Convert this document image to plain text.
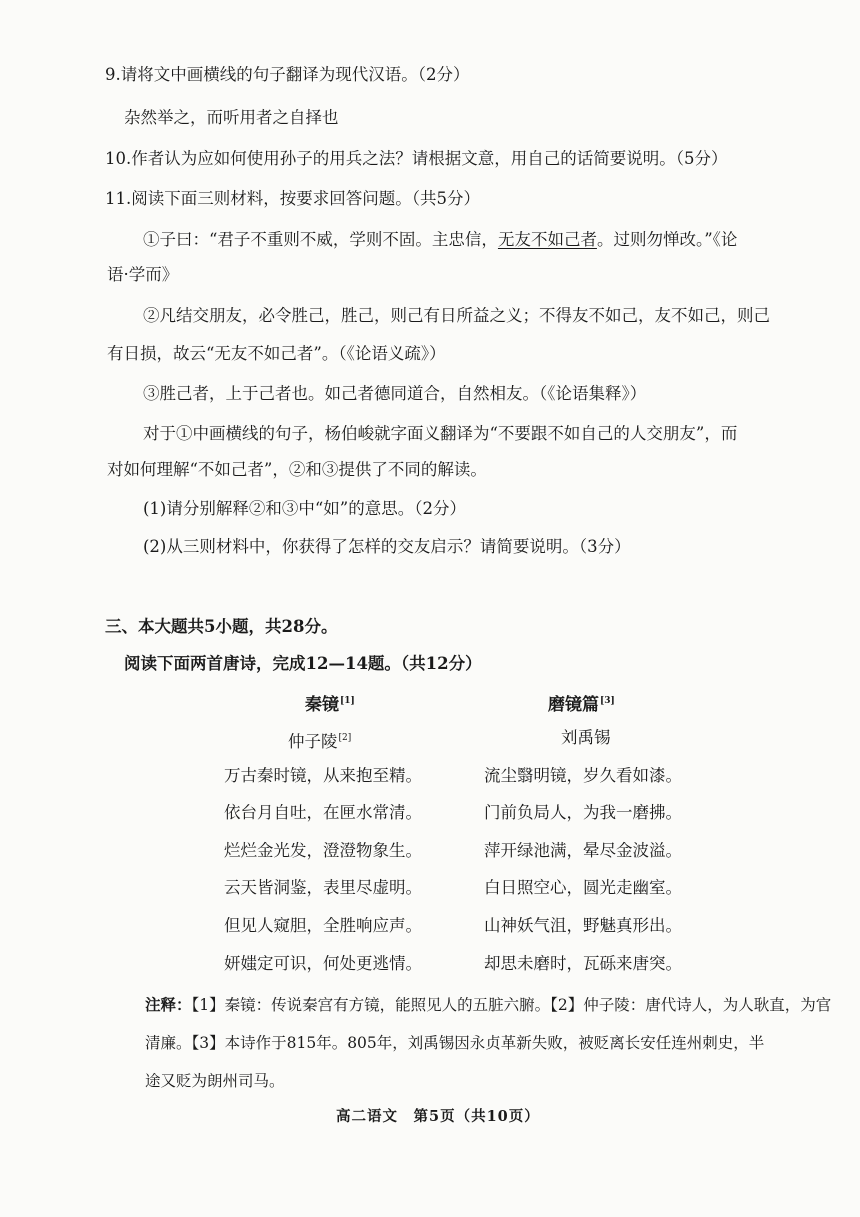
9.请将文中画横线的句子翻译为现代汉语。（2分）
杂然举之，而听用者之自择也
10.作者认为应如何使用孙子的用兵之法？请根据文意，用自己的话简要说明。（5分）
11.阅读下面三则材料，按要求回答问题。（共5分）
①子曰：“君子不重则不威，学则不固。主忠信，无友不如己者。过则勿惮改。”《论
语·学而》
②凡结交朋友，必令胜己，胜己，则己有日所益之义；不得友不如己，友不如己，则己
有日损，故云“无友不如己者”。（《论语义疏》）
③胜己者，上于己者也。如己者德同道合，自然相友。（《论语集释》）
对于①中画横线的句子，杨伯峻就字面义翻译为“不要跟不如自己的人交朋友”，而
对如何理解“不如己者”，②和③提供了不同的解读。
(1)请分别解释②和③中“如”的意思。（2分）
(2)从三则材料中，你获得了怎样的交友启示？请简要说明。（3分）
三、本大题共5小题，共28分。
阅读下面两首唐诗，完成12—14题。（共12分）
秦镜[1]
仲子陵[2]
万古秦时镜，从来抱至精。
依台月自吐，在匣水常清。
烂烂金光发，澄澄物象生。
云天皆洞鉴，表里尽虚明。
但见人窥胆，全胜响应声。
妍媸定可识，何处更逃情。
磨镜篇[3]
刘禹锡
流尘翳明镜，岁久看如漆。
门前负局人，为我一磨拂。
萍开绿池满，晕尽金波溢。
白日照空心，圆光走幽室。
山神妖气沮，野魅真形出。
却思未磨时，瓦砾来唐突。
注释：【1】秦镜：传说秦宫有方镜，能照见人的五脏六腑。【2】仲子陵：唐代诗人，为人耿直，为官
清廉。【3】本诗作于815年。805年，刘禹锡因永贞革新失败，被贬离长安任连州刺史，半
途又贬为朗州司马。
高二语文　第5页（共10页）
